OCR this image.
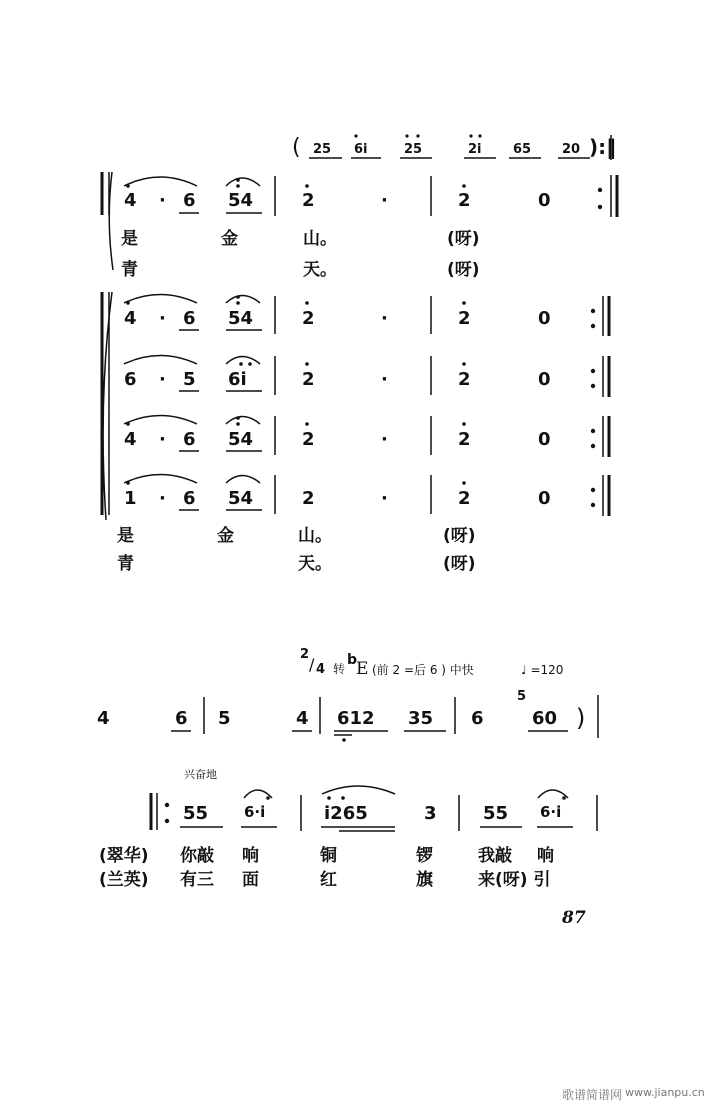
( 25 6i	25	2i 65 20 ):‖
4 · 6 54	2	·	2	0
是	金	山。	(呀)
青	天。	(呀)
4 · 6 54	2	·	2	0
6 · 5 6i	2	·	2	0
4 · 6 54	2	·	2	0
1 · 6 54	2	·	2	0
是	金	山。	(呀)
青	天。	(呀)
2
/ 4 转
b
E (前 2 =后 6 ) 中快	♩ =120
4	6 5	4 612 35 6
5
60 )
兴奋地
55 6·i	i265	3	55 6·i
(翠华) 你敲 响	铜	锣	我敲 响
(兰英) 有三 面	红	旗	来(呀) 引
87
歌谱简谱网 www.jianpu.cn
